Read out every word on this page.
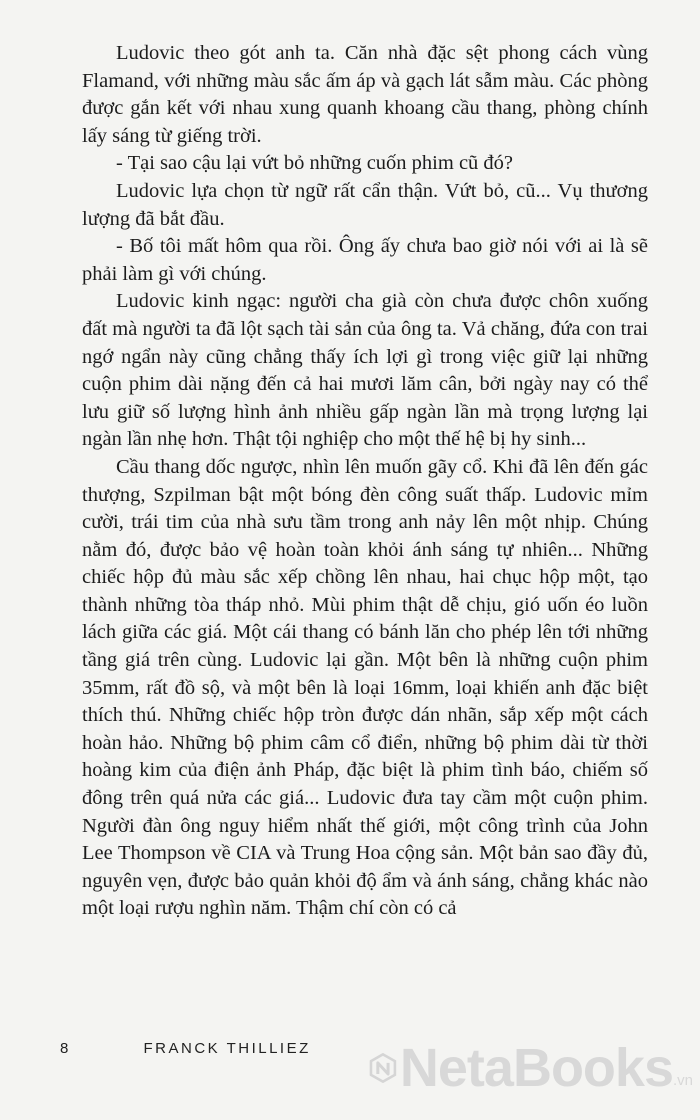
Ludovic theo gót anh ta. Căn nhà đặc sệt phong cách vùng Flamand, với những màu sắc ấm áp và gạch lát sẫm màu. Các phòng được gắn kết với nhau xung quanh khoang cầu thang, phòng chính lấy sáng từ giếng trời.

- Tại sao cậu lại vứt bỏ những cuốn phim cũ đó?

Ludovic lựa chọn từ ngữ rất cẩn thận. Vứt bỏ, cũ... Vụ thương lượng đã bắt đầu.

- Bố tôi mất hôm qua rồi. Ông ấy chưa bao giờ nói với ai là sẽ phải làm gì với chúng.

Ludovic kinh ngạc: người cha già còn chưa được chôn xuống đất mà người ta đã lột sạch tài sản của ông ta. Vả chăng, đứa con trai ngớ ngẩn này cũng chẳng thấy ích lợi gì trong việc giữ lại những cuộn phim dài nặng đến cả hai mươi lăm cân, bởi ngày nay có thể lưu giữ số lượng hình ảnh nhiều gấp ngàn lần mà trọng lượng lại ngàn lần nhẹ hơn. Thật tội nghiệp cho một thế hệ bị hy sinh...

Cầu thang dốc ngược, nhìn lên muốn gãy cổ. Khi đã lên đến gác thượng, Szpilman bật một bóng đèn công suất thấp. Ludovic mỉm cười, trái tim của nhà sưu tầm trong anh nảy lên một nhịp. Chúng nằm đó, được bảo vệ hoàn toàn khỏi ánh sáng tự nhiên... Những chiếc hộp đủ màu sắc xếp chồng lên nhau, hai chục hộp một, tạo thành những tòa tháp nhỏ. Mùi phim thật dễ chịu, gió uốn éo luồn lách giữa các giá. Một cái thang có bánh lăn cho phép lên tới những tầng giá trên cùng. Ludovic lại gần. Một bên là những cuộn phim 35mm, rất đồ sộ, và một bên là loại 16mm, loại khiến anh đặc biệt thích thú. Những chiếc hộp tròn được dán nhãn, sắp xếp một cách hoàn hảo. Những bộ phim câm cổ điển, những bộ phim dài từ thời hoàng kim của điện ảnh Pháp, đặc biệt là phim tình báo, chiếm số đông trên quá nửa các giá... Ludovic đưa tay cầm một cuộn phim. Người đàn ông nguy hiểm nhất thế giới, một công trình của John Lee Thompson về CIA và Trung Hoa cộng sản. Một bản sao đầy đủ, nguyên vẹn, được bảo quản khỏi độ ẩm và ánh sáng, chẳng khác nào một loại rượu nghìn năm. Thậm chí còn có cả

8	FRANCK THILLIEZ NetaBooks .vn
